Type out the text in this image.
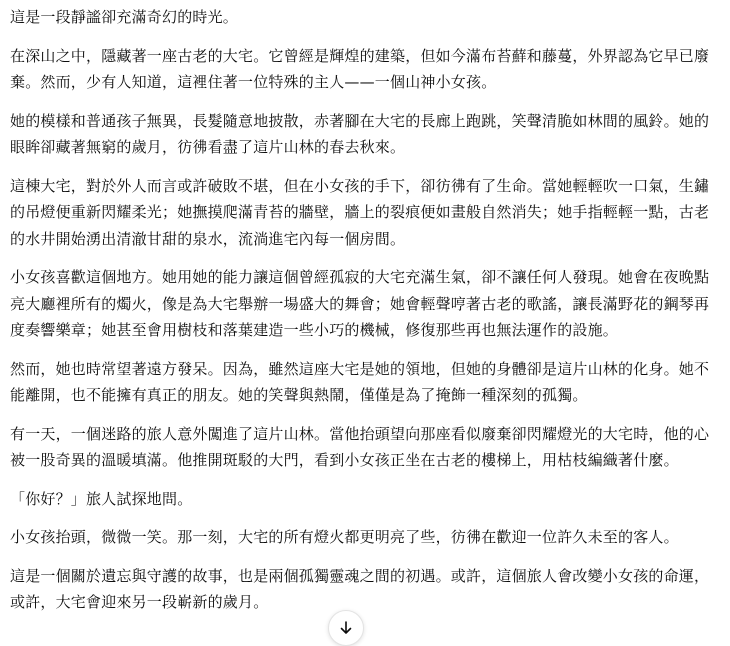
這是一段靜謐卻充滿奇幻的時光。

在深山之中，隱藏著一座古老的大宅。它曾經是輝煌的建築，但如今滿布苔蘚和藤蔓，外界認為它早已廢棄。然而，少有人知道，這裡住著一位特殊的主人——一個山神小女孩。

她的模樣和普通孩子無異，長髮隨意地披散，赤著腳在大宅的長廊上跑跳，笑聲清脆如林間的風鈴。她的眼眸卻藏著無窮的歲月，彷彿看盡了這片山林的春去秋來。

這棟大宅，對於外人而言或許破敗不堪，但在小女孩的手下，卻彷彿有了生命。當她輕輕吹一口氣，生鏽的吊燈便重新閃耀柔光；她撫摸爬滿青苔的牆壁，牆上的裂痕便如畫般自然消失；她手指輕輕一點，古老的水井開始湧出清澈甘甜的泉水，流淌進宅內每一個房間。

小女孩喜歡這個地方。她用她的能力讓這個曾經孤寂的大宅充滿生氣，卻不讓任何人發現。她會在夜晚點亮大廳裡所有的燭火，像是為大宅舉辦一場盛大的舞會；她會輕聲哼著古老的歌謠，讓長滿野花的鋼琴再度奏響樂章；她甚至會用樹枝和落葉建造一些小巧的機械，修復那些再也無法運作的設施。

然而，她也時常望著遠方發呆。因為，雖然這座大宅是她的領地，但她的身體卻是這片山林的化身。她不能離開，也不能擁有真正的朋友。她的笑聲與熱鬧，僅僅是為了掩飾一種深刻的孤獨。

有一天，一個迷路的旅人意外闖進了這片山林。當他抬頭望向那座看似廢棄卻閃耀燈光的大宅時，他的心被一股奇異的溫暖填滿。他推開斑駁的大門，看到小女孩正坐在古老的樓梯上，用枯枝編織著什麼。

「你好？」旅人試探地問。

小女孩抬頭，微微一笑。那一刻，大宅的所有燈火都更明亮了些，彷彿在歡迎一位許久未至的客人。

這是一個關於遺忘與守護的故事，也是兩個孤獨靈魂之間的初遇。或許，這個旅人會改變小女孩的命運，或許，大宅會迎來另一段嶄新的歲月。
